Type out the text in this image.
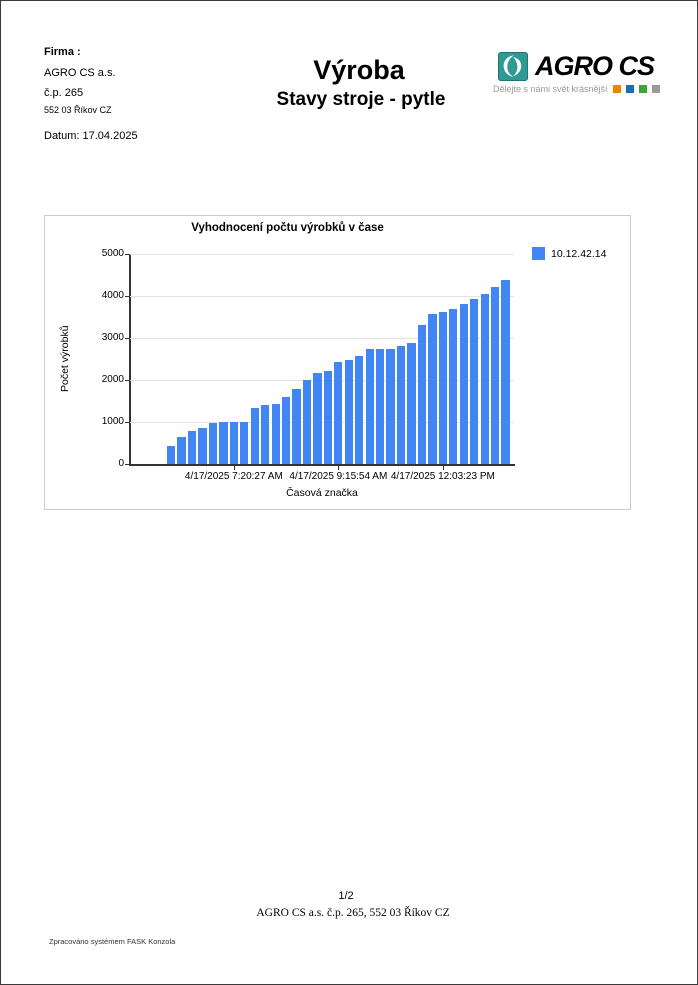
Firma :
AGRO CS a.s.
č.p. 265
552 03 Říkov CZ
Datum: 17.04.2025
Výroba
Stavy stroje - pytle
AGRO CS
Dělejte s námi svět krásnější
Vyhodnocení počtu výrobků v čase
10.12.42.14
Počet výrobků
Časová značka
0
1000
2000
3000
4000
5000
4/17/2025 7:20:27 AM 4/17/2025 9:15:54 AM 4/17/2025 12:03:23 PM
1/2
AGRO CS a.s. č.p. 265, 552 03 Říkov CZ
Zpracováno systémem FASK Konzola
